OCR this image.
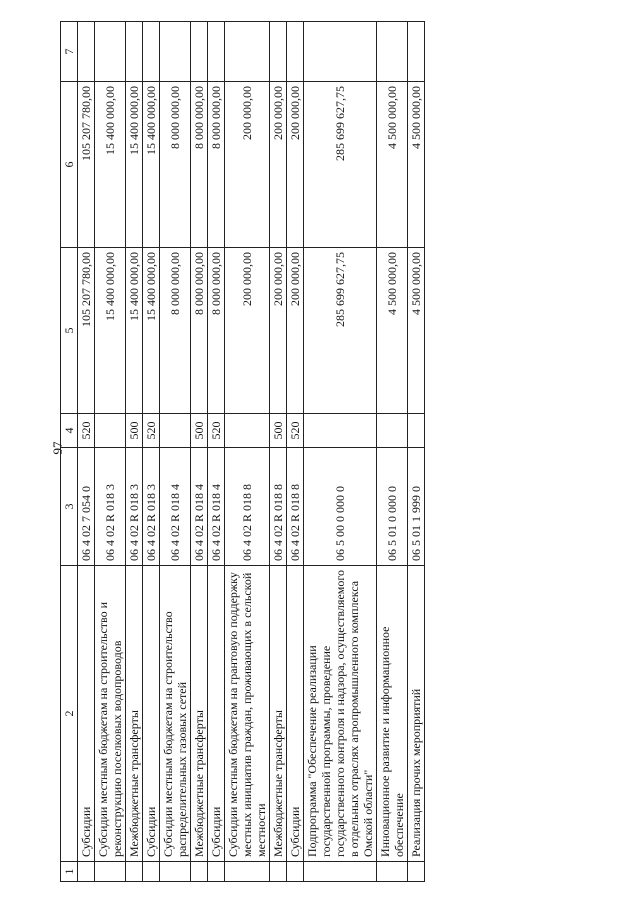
97
1	2	3	4	5	6	7
	Субсидии	06 4 02 7 054 0	520	105 207 780,00	105 207 780,00	
	Субсидии местным бюджетам на строительство и реконструкцию поселковых водопроводов	06 4 02 R 018 3		15 400 000,00	15 400 000,00	
	Межбюджетные трансферты	06 4 02 R 018 3	500	15 400 000,00	15 400 000,00	
	Субсидии	06 4 02 R 018 3	520	15 400 000,00	15 400 000,00	
	Субсидии местным бюджетам на строительство распределительных газовых сетей	06 4 02 R 018 4		8 000 000,00	8 000 000,00	
	Межбюджетные трансферты	06 4 02 R 018 4	500	8 000 000,00	8 000 000,00	
	Субсидии	06 4 02 R 018 4	520	8 000 000,00	8 000 000,00	
	Субсидии местным бюджетам на грантовую поддержку местных инициатив граждан, проживающих в сельской местности	06 4 02 R 018 8		200 000,00	200 000,00	
	Межбюджетные трансферты	06 4 02 R 018 8	500	200 000,00	200 000,00	
	Субсидии	06 4 02 R 018 8	520	200 000,00	200 000,00	
	Подпрограмма "Обеспечение реализации государственной программы, проведение государственного контроля и надзора, осуществляемого в отдельных отраслях агропромышленного комплекса Омской области"	06 5 00 0 000 0		285 699 627,75	285 699 627,75	
	Инновационное развитие и информационное обеспечение	06 5 01 0 000 0		4 500 000,00	4 500 000,00	
	Реализация прочих мероприятий	06 5 01 1 999 0		4 500 000,00	4 500 000,00	
